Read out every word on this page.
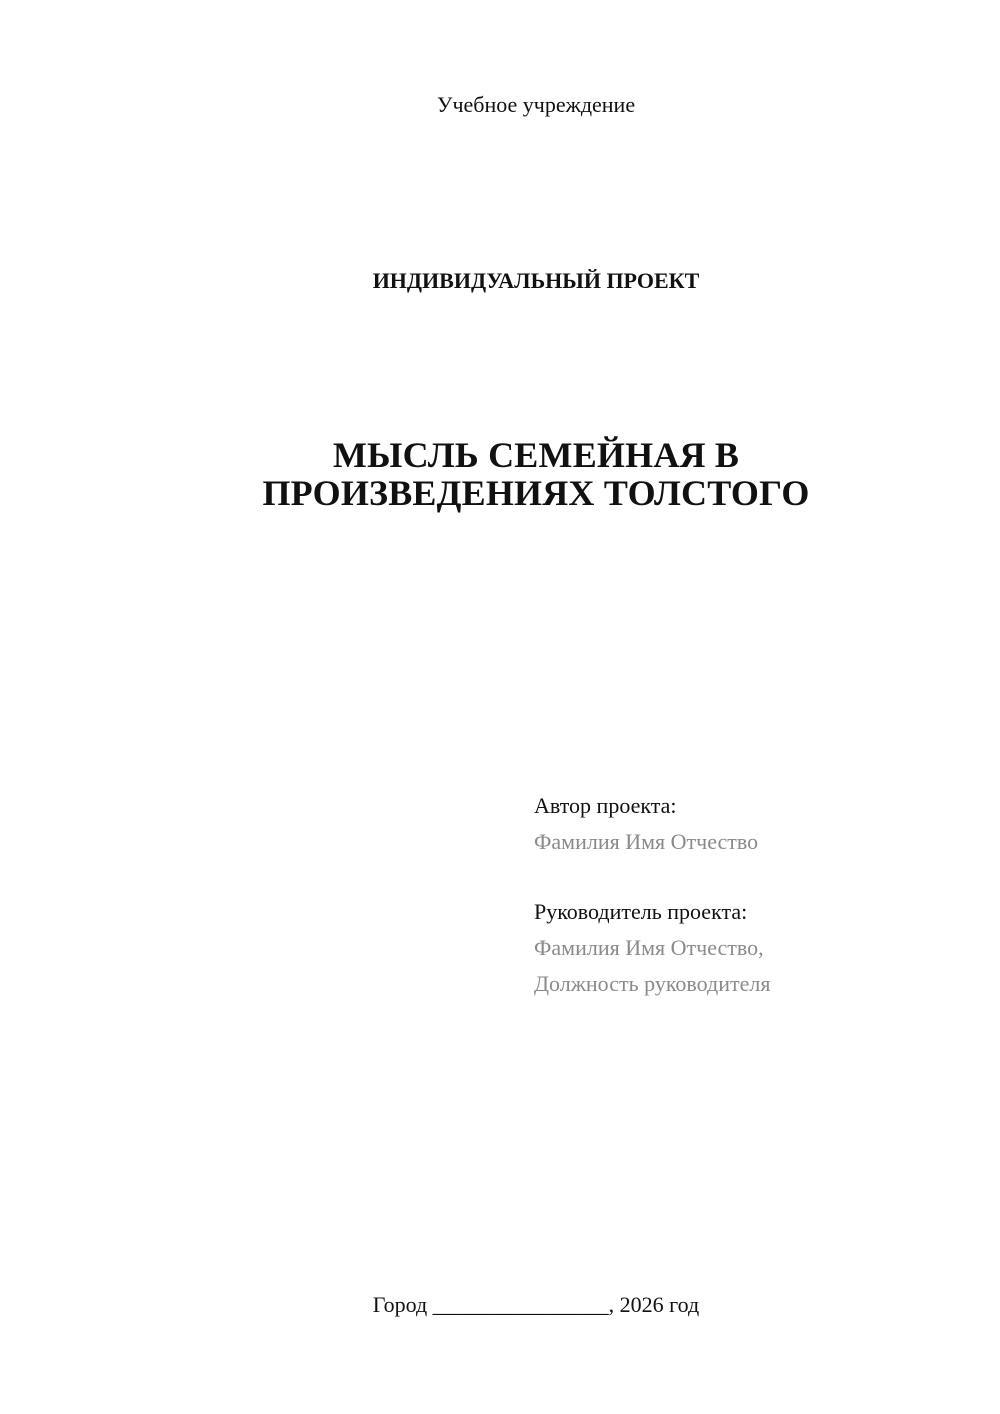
Учебное учреждение
ИНДИВИДУАЛЬНЫЙ ПРОЕКТ
МЫСЛЬ СЕМЕЙНАЯ В
ПРОИЗВЕДЕНИЯХ ТОЛСТОГО
Автор проекта:
Фамилия Имя Отчество
Руководитель проекта:
Фамилия Имя Отчество,
Должность руководителя
Город ________________, 2026 год
